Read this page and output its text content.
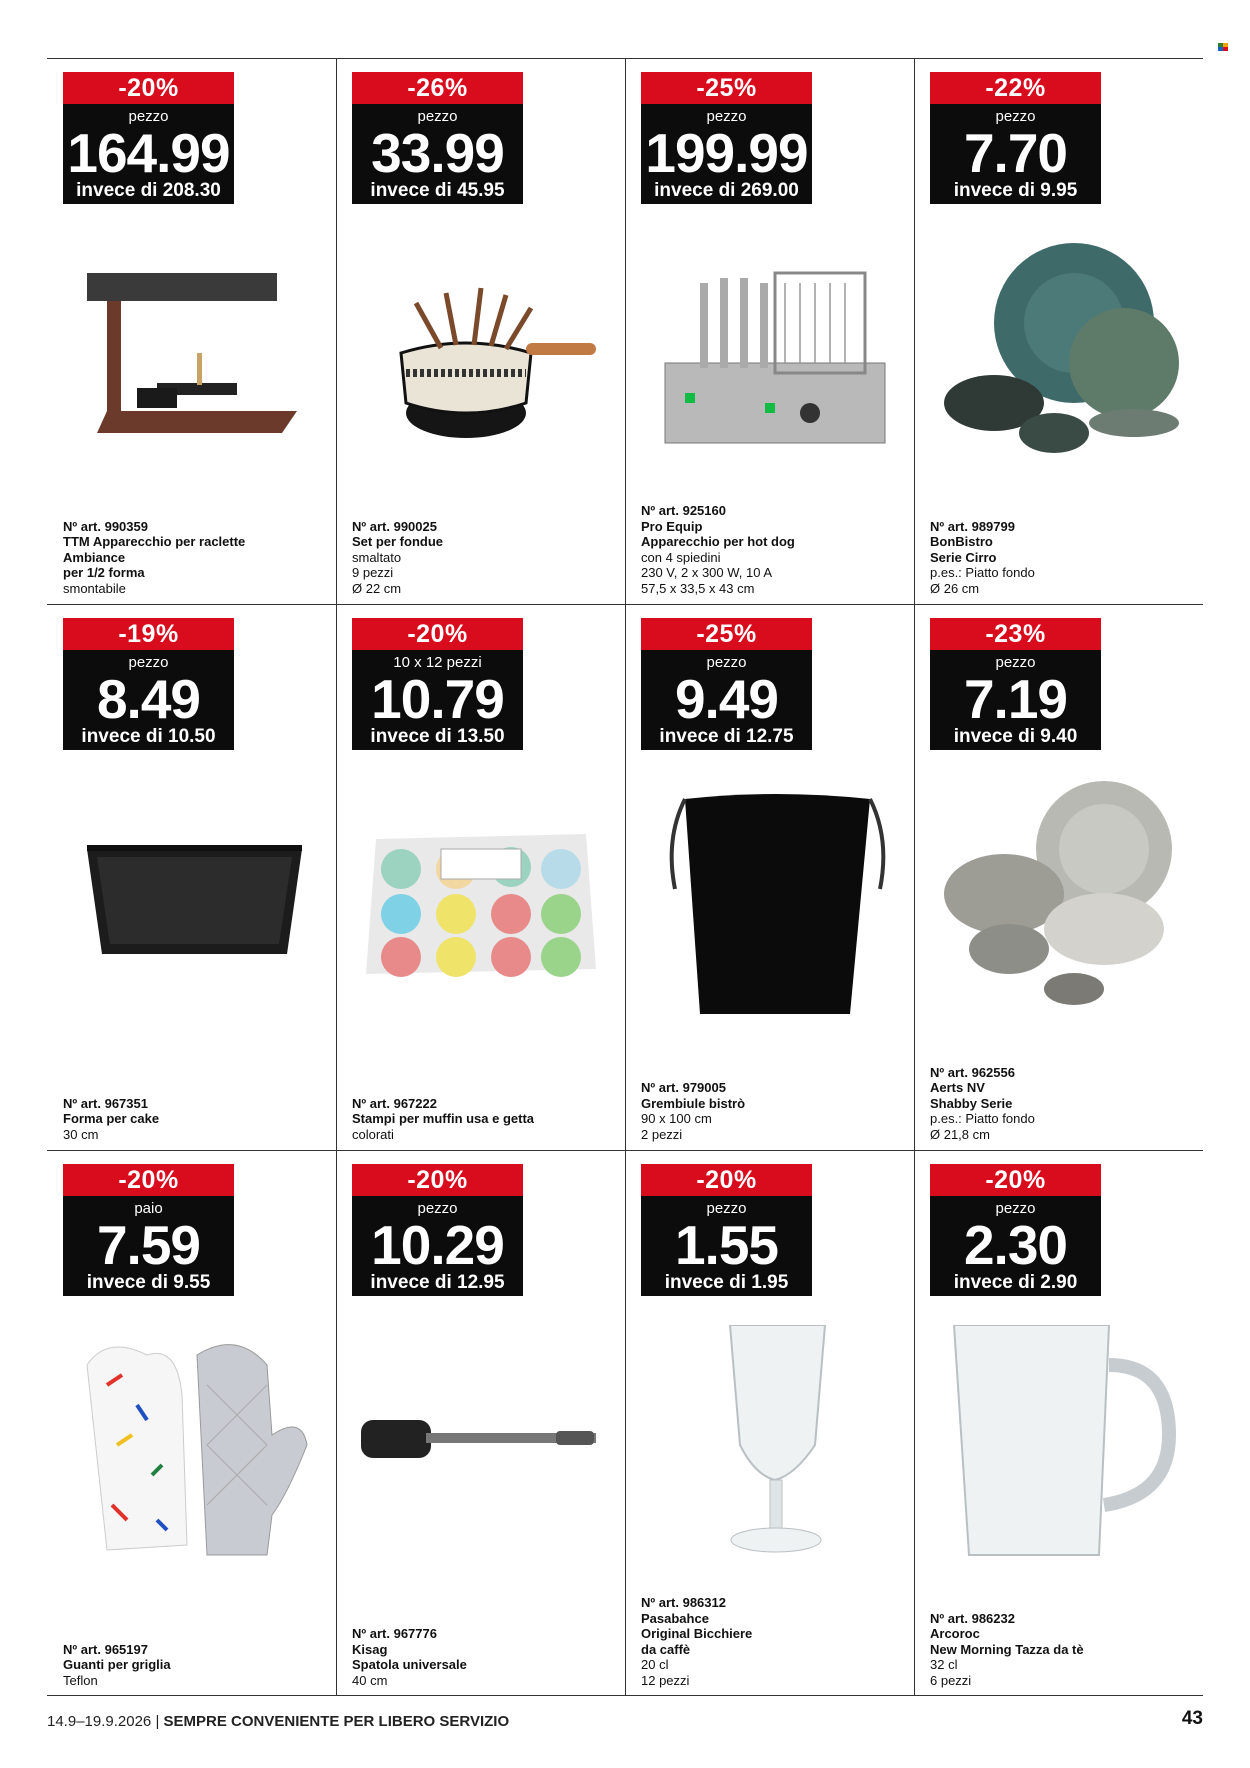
-20%
pezzo
164.99
invece di 208.30
Nº art. 990359
TTM Apparecchio per raclette
Ambiance
per 1/2 forma
smontabile
-26%
pezzo
33.99
invece di 45.95
Nº art. 990025
Set per fondue
smaltato
9 pezzi
Ø 22 cm
-25%
pezzo
199.99
invece di 269.00
Nº art. 925160
Pro Equip
Apparecchio per hot dog
con 4 spiedini
230 V, 2 x 300 W, 10 A
57,5 x 33,5 x 43 cm
-22%
pezzo
7.70
invece di 9.95
Nº art. 989799
BonBistro
Serie Cirro
p.es.: Piatto fondo
Ø 26 cm
-19%
pezzo
8.49
invece di 10.50
Nº art. 967351
Forma per cake
30 cm
-20%
10 x 12 pezzi
10.79
invece di 13.50
Nº art. 967222
Stampi per muffin usa e getta
colorati
-25%
pezzo
9.49
invece di 12.75
Nº art. 979005
Grembiule bistrò
90 x 100 cm
2 pezzi
-23%
pezzo
7.19
invece di 9.40
Nº art. 962556
Aerts NV
Shabby Serie
p.es.: Piatto fondo
Ø 21,8 cm
-20%
paio
7.59
invece di 9.55
Nº art. 965197
Guanti per griglia
Teflon
-20%
pezzo
10.29
invece di 12.95
Nº art. 967776
Kisag
Spatola universale
40 cm
-20%
pezzo
1.55
invece di 1.95
Nº art. 986312
Pasabahce
Original Bicchiere
da caffè
20 cl
12 pezzi
-20%
pezzo
2.30
invece di 2.90
Nº art. 986232
Arcoroc
New Morning Tazza da tè
32 cl
6 pezzi
14.9–19.9.2026 | SEMPRE CONVENIENTE PER LIBERO SERVIZIO	43
